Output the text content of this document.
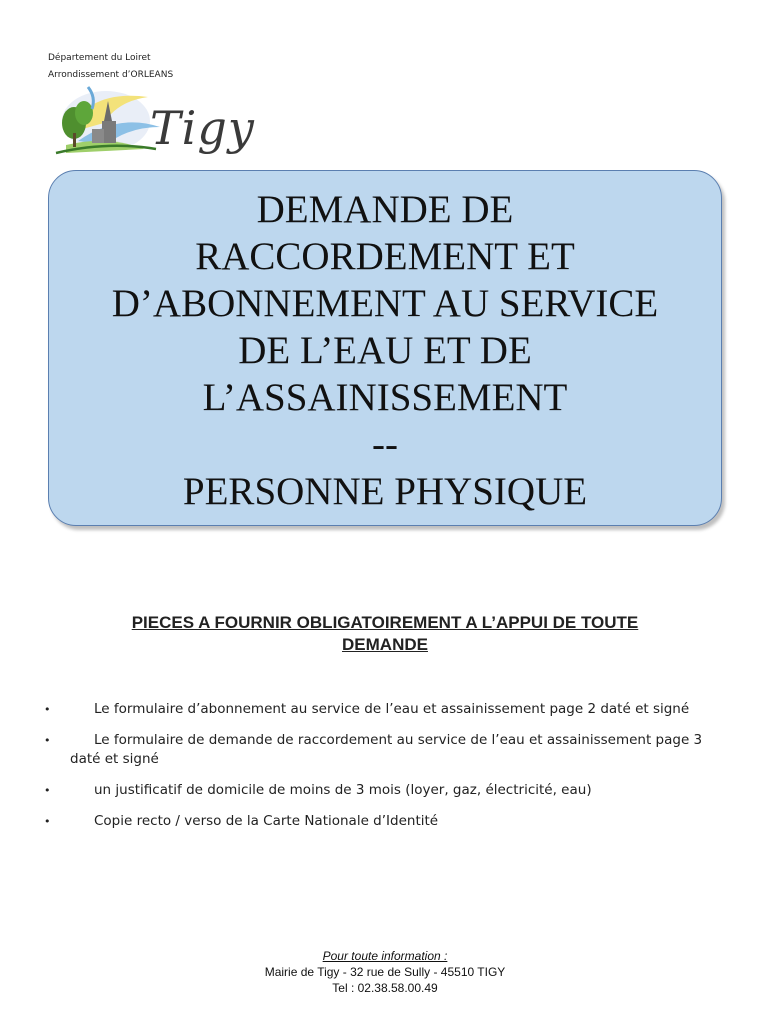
Département du Loiret
Arrondissement d’ORLEANS
Tigy
DEMANDE DE
RACCORDEMENT ET
D’ABONNEMENT AU SERVICE
DE L’EAU ET DE
L’ASSAINISSEMENT
--
PERSONNE PHYSIQUE
PIECES A FOURNIR OBLIGATOIREMENT A L’APPUI DE TOUTE
DEMANDE
•	Le formulaire d’abonnement au service de l’eau et assainissement page 2 daté et signé
•	Le formulaire de demande de raccordement au service de l’eau et assainissement page 3 daté et signé
•	un justificatif de domicile de moins de 3 mois (loyer, gaz, électricité, eau)
•	Copie recto / verso de la Carte Nationale d’Identité
Pour toute information :
Mairie de Tigy - 32 rue de Sully - 45510 TIGY
Tel : 02.38.58.00.49
